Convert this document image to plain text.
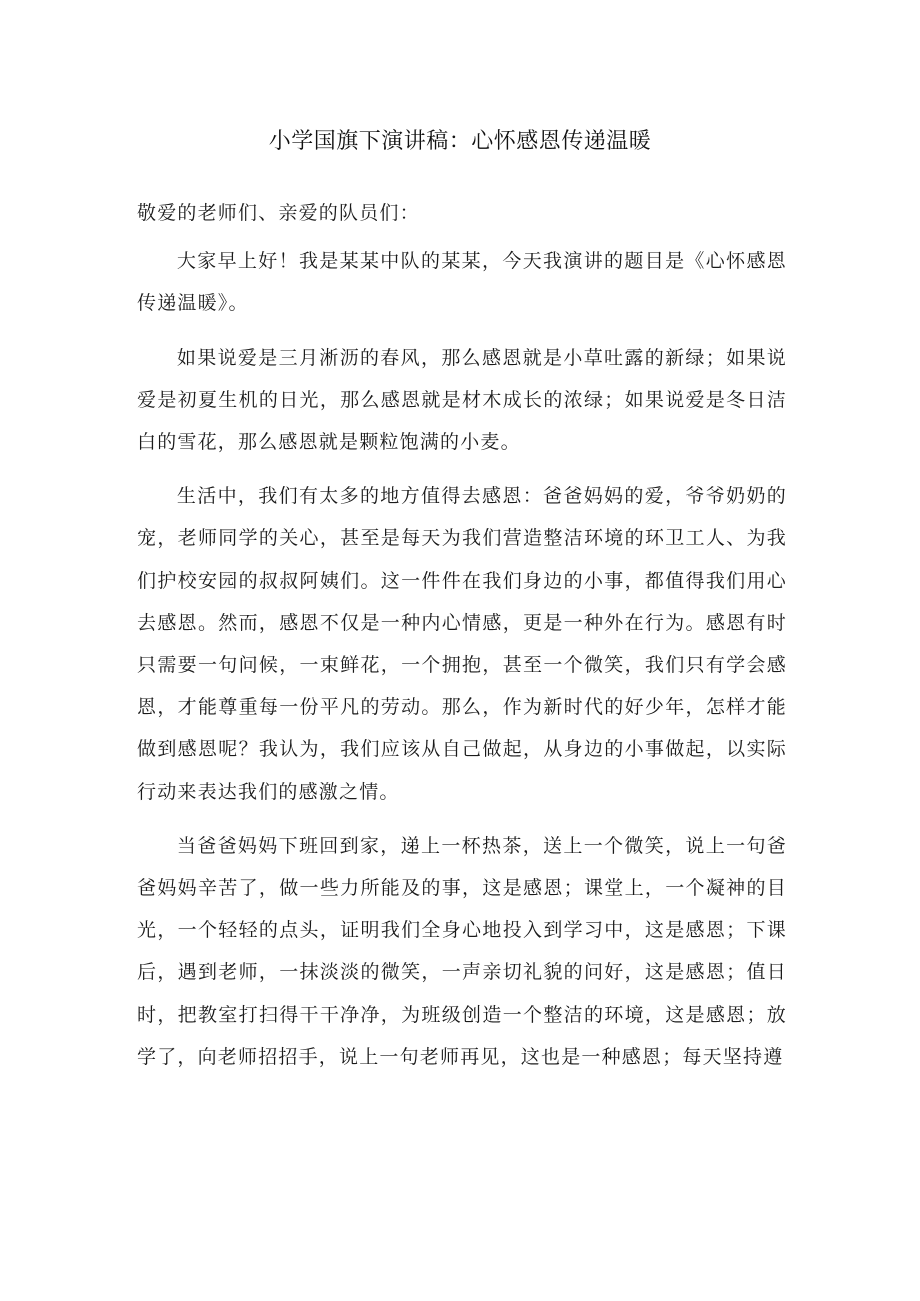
小学国旗下演讲稿：心怀感恩传递温暖

敬爱的老师们、亲爱的队员们：

大家早上好！我是某某中队的某某，今天我演讲的题目是《心怀感恩传递温暖》。

如果说爱是三月淅沥的春风，那么感恩就是小草吐露的新绿；如果说爱是初夏生机的日光，那么感恩就是材木成长的浓绿；如果说爱是冬日洁白的雪花，那么感恩就是颗粒饱满的小麦。

生活中，我们有太多的地方值得去感恩：爸爸妈妈的爱，爷爷奶奶的宠，老师同学的关心，甚至是每天为我们营造整洁环境的环卫工人、为我们护校安园的叔叔阿姨们。这一件件在我们身边的小事，都值得我们用心去感恩。然而，感恩不仅是一种内心情感，更是一种外在行为。感恩有时只需要一句问候，一束鲜花，一个拥抱，甚至一个微笑，我们只有学会感恩，才能尊重每一份平凡的劳动。那么，作为新时代的好少年，怎样才能做到感恩呢？我认为，我们应该从自己做起，从身边的小事做起，以实际行动来表达我们的感激之情。

当爸爸妈妈下班回到家，递上一杯热茶，送上一个微笑，说上一句爸爸妈妈辛苦了，做一些力所能及的事，这是感恩；课堂上，一个凝神的目光，一个轻轻的点头，证明我们全身心地投入到学习中，这是感恩；下课后，遇到老师，一抹淡淡的微笑，一声亲切礼貌的问好，这是感恩；值日时，把教室打扫得干干净净，为班级创造一个整洁的环境，这是感恩；放学了，向老师招招手，说上一句老师再见，这也是一种感恩；每天坚持遵
